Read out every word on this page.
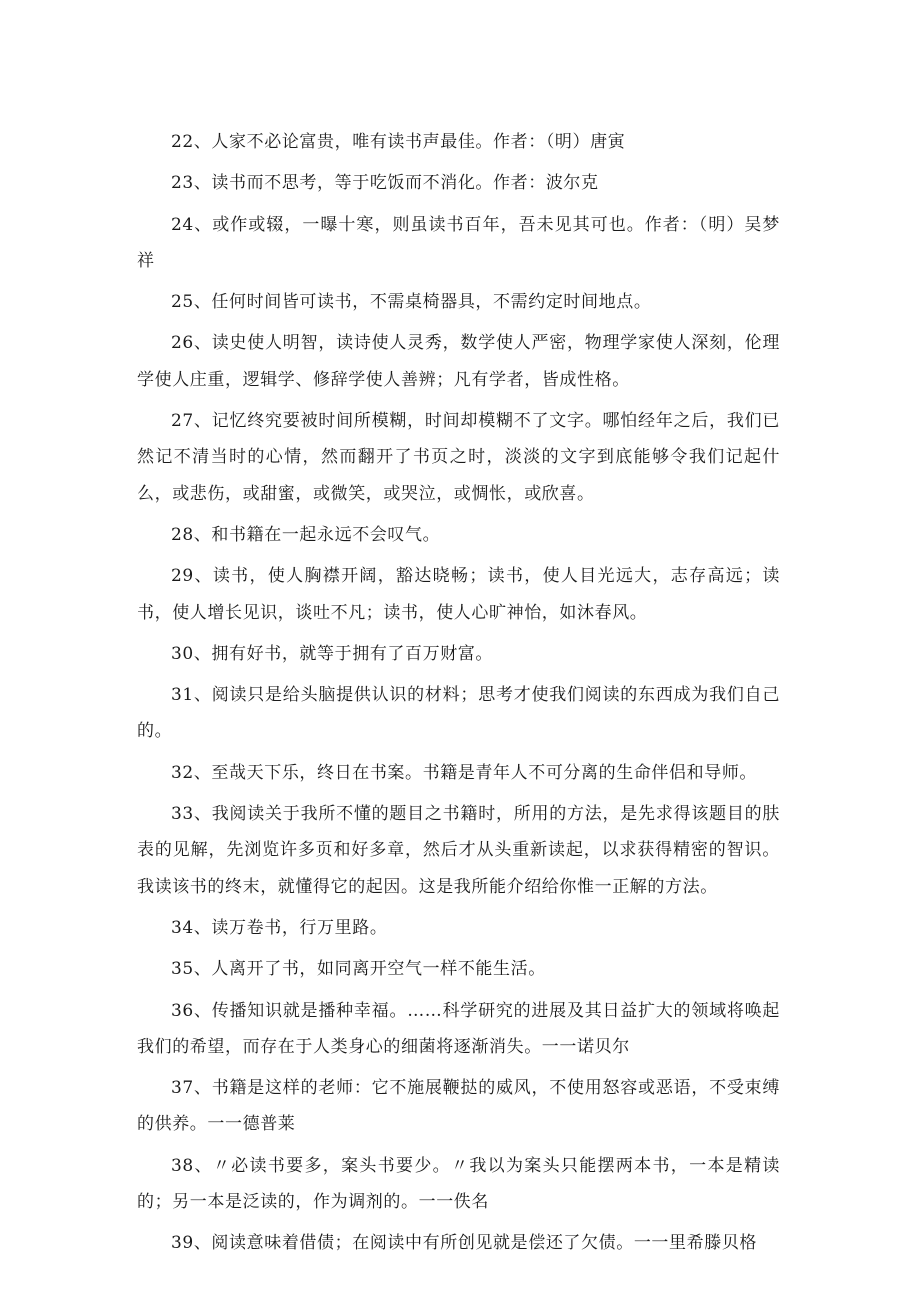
22、人家不必论富贵，唯有读书声最佳。作者：（明）唐寅

23、读书而不思考，等于吃饭而不消化。作者：波尔克

24、或作或辍，一曝十寒，则虽读书百年，吾未见其可也。作者：（明）吴梦祥

25、任何时间皆可读书，不需桌椅器具，不需约定时间地点。

26、读史使人明智，读诗使人灵秀，数学使人严密，物理学家使人深刻，伦理学使人庄重，逻辑学、修辞学使人善辨；凡有学者，皆成性格。

27、记忆终究要被时间所模糊，时间却模糊不了文字。哪怕经年之后，我们已然记不清当时的心情，然而翻开了书页之时，淡淡的文字到底能够令我们记起什么，或悲伤，或甜蜜，或微笑，或哭泣，或惆怅，或欣喜。

28、和书籍在一起永远不会叹气。

29、读书，使人胸襟开阔，豁达晓畅；读书，使人目光远大，志存高远；读书，使人增长见识，谈吐不凡；读书，使人心旷神怡，如沐春风。

30、拥有好书，就等于拥有了百万财富。

31、阅读只是给头脑提供认识的材料；思考才使我们阅读的东西成为我们自己的。

32、至哉天下乐，终日在书案。书籍是青年人不可分离的生命伴侣和导师。

33、我阅读关于我所不懂的题目之书籍时，所用的方法，是先求得该题目的肤表的见解，先浏览许多页和好多章，然后才从头重新读起，以求获得精密的智识。我读该书的终末，就懂得它的起因。这是我所能介绍给你惟一正解的方法。

34、读万卷书，行万里路。

35、人离开了书，如同离开空气一样不能生活。

36、传播知识就是播种幸福。……科学研究的进展及其日益扩大的领域将唤起我们的希望，而存在于人类身心的细菌将逐渐消失。一一诺贝尔

37、书籍是这样的老师：它不施展鞭挞的威风，不使用怒容或恶语，不受束缚的供养。一一德普莱

38、〃必读书要多，案头书要少。〃我以为案头只能摆两本书，一本是精读的；另一本是泛读的，作为调剂的。一一佚名

39、阅读意味着借债；在阅读中有所创见就是偿还了欠债。一一里希滕贝格
